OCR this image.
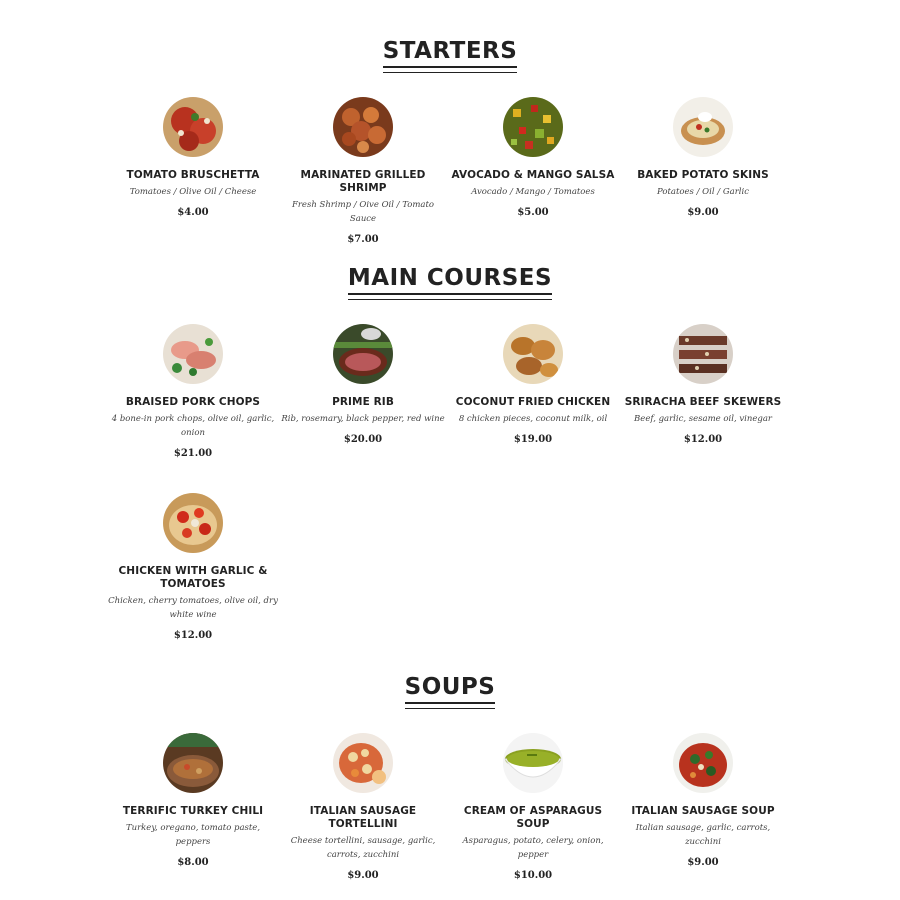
STARTERS
TOMATO BRUSCHETTA
Tomatoes / Olive Oil / Cheese
$4.00
MARINATED GRILLED SHRIMP
Fresh Shrimp / Oive Oil / Tomato Sauce
$7.00
AVOCADO & MANGO SALSA
Avocado / Mango / Tomatoes
$5.00
BAKED POTATO SKINS
Potatoes / Oil / Garlic
$9.00
MAIN COURSES
BRAISED PORK CHOPS
4 bone-in pork chops, olive oil, garlic, onion
$21.00
PRIME RIB
Rib, rosemary, black pepper, red wine
$20.00
COCONUT FRIED CHICKEN
8 chicken pieces, coconut milk, oil
$19.00
SRIRACHA BEEF SKEWERS
Beef, garlic, sesame oil, vinegar
$12.00
CHICKEN WITH GARLIC & TOMATOES
Chicken, cherry tomatoes, olive oil, dry white wine
$12.00
SOUPS
TERRIFIC TURKEY CHILI
Turkey, oregano, tomato paste, peppers
$8.00
ITALIAN SAUSAGE TORTELLINI
Cheese tortellini, sausage, garlic, carrots, zucchini
$9.00
CREAM OF ASPARAGUS SOUP
Asparagus, potato, celery, onion, pepper
$10.00
ITALIAN SAUSAGE SOUP
Italian sausage, garlic, carrots, zucchini
$9.00
